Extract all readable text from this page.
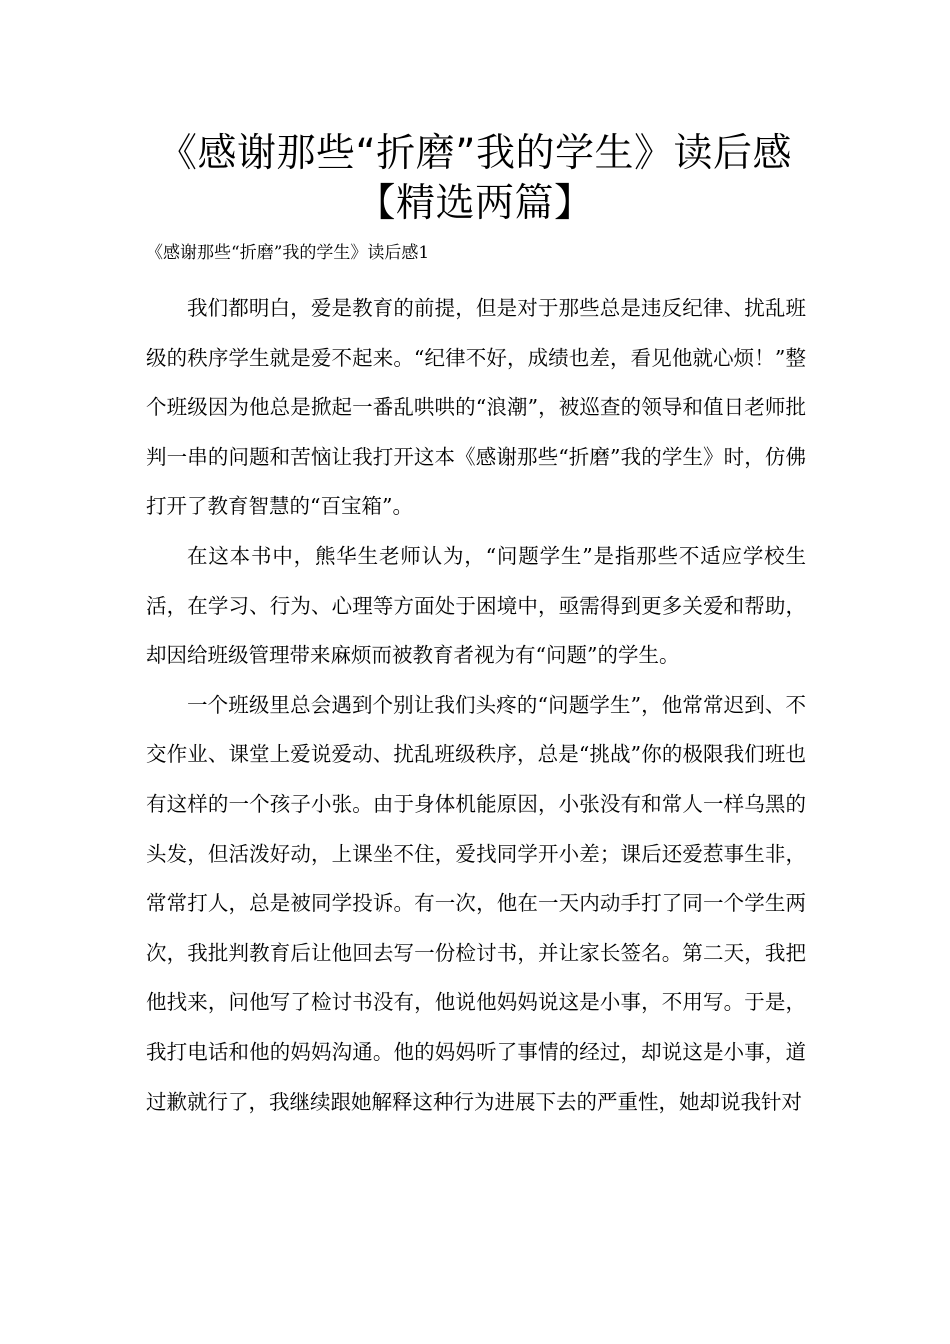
《感谢那些“折磨”我的学生》读后感
【精选两篇】
《感谢那些“折磨”我的学生》读后感1

我们都明白，爱是教育的前提，但是对于那些总是违反纪律、扰乱班级的秩序学生就是爱不起来。“纪律不好，成绩也差，看见他就心烦！”整个班级因为他总是掀起一番乱哄哄的“浪潮”，被巡查的领导和值日老师批判一串的问题和苦恼让我打开这本《感谢那些“折磨”我的学生》时，仿佛打开了教育智慧的“百宝箱”。

在这本书中，熊华生老师认为，“问题学生”是指那些不适应学校生活，在学习、行为、心理等方面处于困境中，亟需得到更多关爱和帮助，却因给班级管理带来麻烦而被教育者视为有“问题”的学生。

一个班级里总会遇到个别让我们头疼的“问题学生”，他常常迟到、不交作业、课堂上爱说爱动、扰乱班级秩序，总是“挑战”你的极限我们班也有这样的一个孩子小张。由于身体机能原因，小张没有和常人一样乌黑的头发，但活泼好动，上课坐不住，爱找同学开小差；课后还爱惹事生非，常常打人，总是被同学投诉。有一次，他在一天内动手打了同一个学生两次，我批判教育后让他回去写一份检讨书，并让家长签名。第二天，我把他找来，问他写了检讨书没有，他说他妈妈说这是小事，不用写。于是，我打电话和他的妈妈沟通。他的妈妈听了事情的经过，却说这是小事，道过歉就行了，我继续跟她解释这种行为进展下去的严重性，她却说我针对
